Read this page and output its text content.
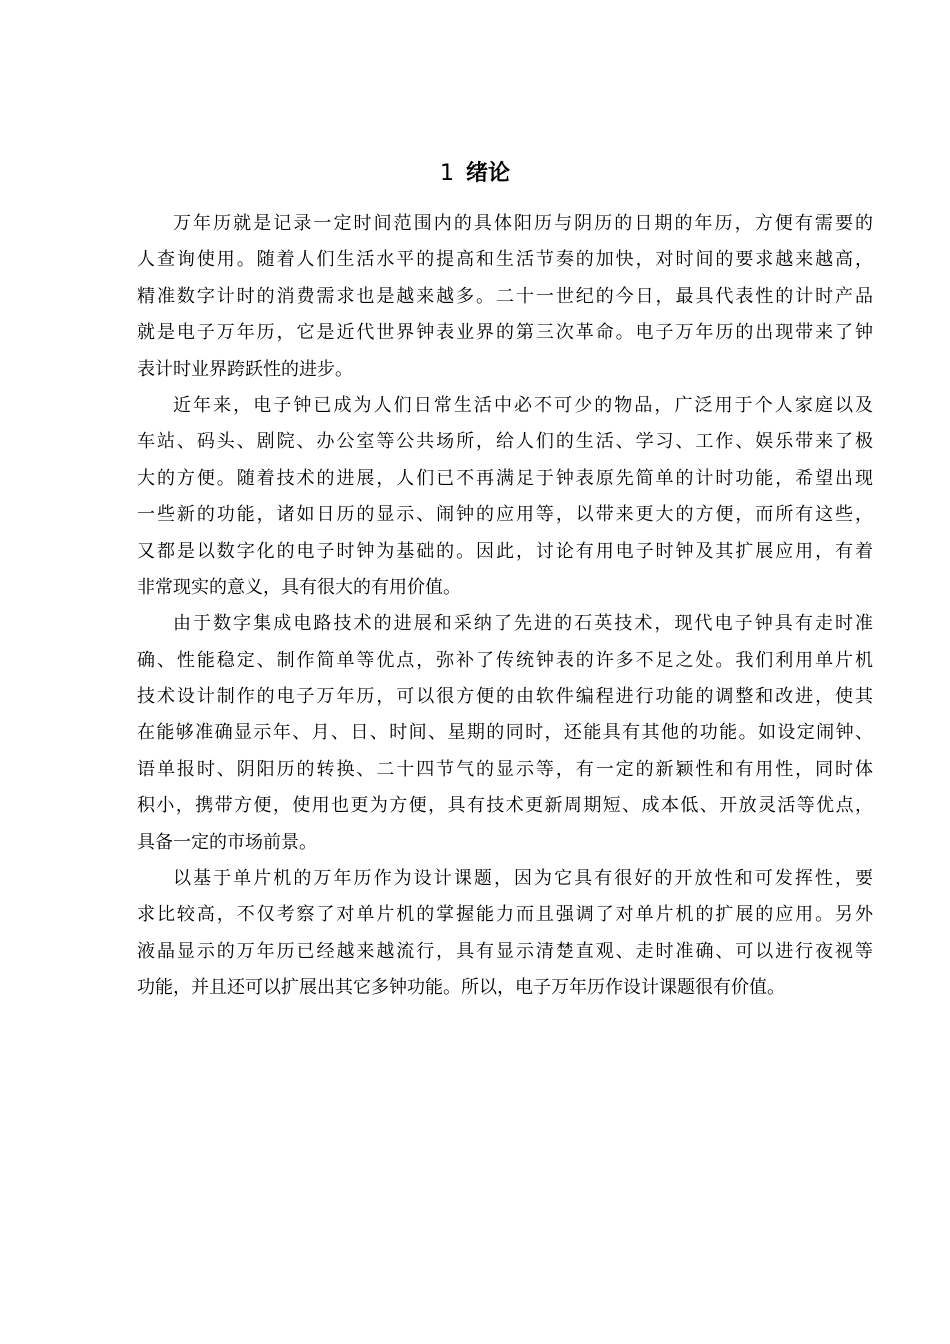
1 绪论
万年历就是记录一定时间范围内的具体阳历与阴历的日期的年历，方便有需要的
人查询使用。随着人们生活水平的提高和生活节奏的加快，对时间的要求越来越高，
精准数字计时的消费需求也是越来越多。二十一世纪的今日，最具代表性的计时产品
就是电子万年历，它是近代世界钟表业界的第三次革命。电子万年历的出现带来了钟
表计时业界跨跃性的进步。
近年来，电子钟已成为人们日常生活中必不可少的物品，广泛用于个人家庭以及
车站、码头、剧院、办公室等公共场所，给人们的生活、学习、工作、娱乐带来了极
大的方便。随着技术的进展，人们已不再满足于钟表原先简单的计时功能，希望出现
一些新的功能，诸如日历的显示、闹钟的应用等，以带来更大的方便，而所有这些，
又都是以数字化的电子时钟为基础的。因此，讨论有用电子时钟及其扩展应用，有着
非常现实的意义，具有很大的有用价值。
由于数字集成电路技术的进展和采纳了先进的石英技术，现代电子钟具有走时准
确、性能稳定、制作简单等优点，弥补了传统钟表的许多不足之处。我们利用单片机
技术设计制作的电子万年历，可以很方便的由软件编程进行功能的调整和改进，使其
在能够准确显示年、月、日、时间、星期的同时，还能具有其他的功能。如设定闹钟、
语单报时、阴阳历的转换、二十四节气的显示等，有一定的新颖性和有用性，同时体
积小，携带方便，使用也更为方便，具有技术更新周期短、成本低、开放灵活等优点，
具备一定的市场前景。
以基于单片机的万年历作为设计课题，因为它具有很好的开放性和可发挥性，要
求比较高，不仅考察了对单片机的掌握能力而且强调了对单片机的扩展的应用。另外
液晶显示的万年历已经越来越流行，具有显示清楚直观、走时准确、可以进行夜视等
功能，并且还可以扩展出其它多钟功能。所以，电子万年历作设计课题很有价值。
